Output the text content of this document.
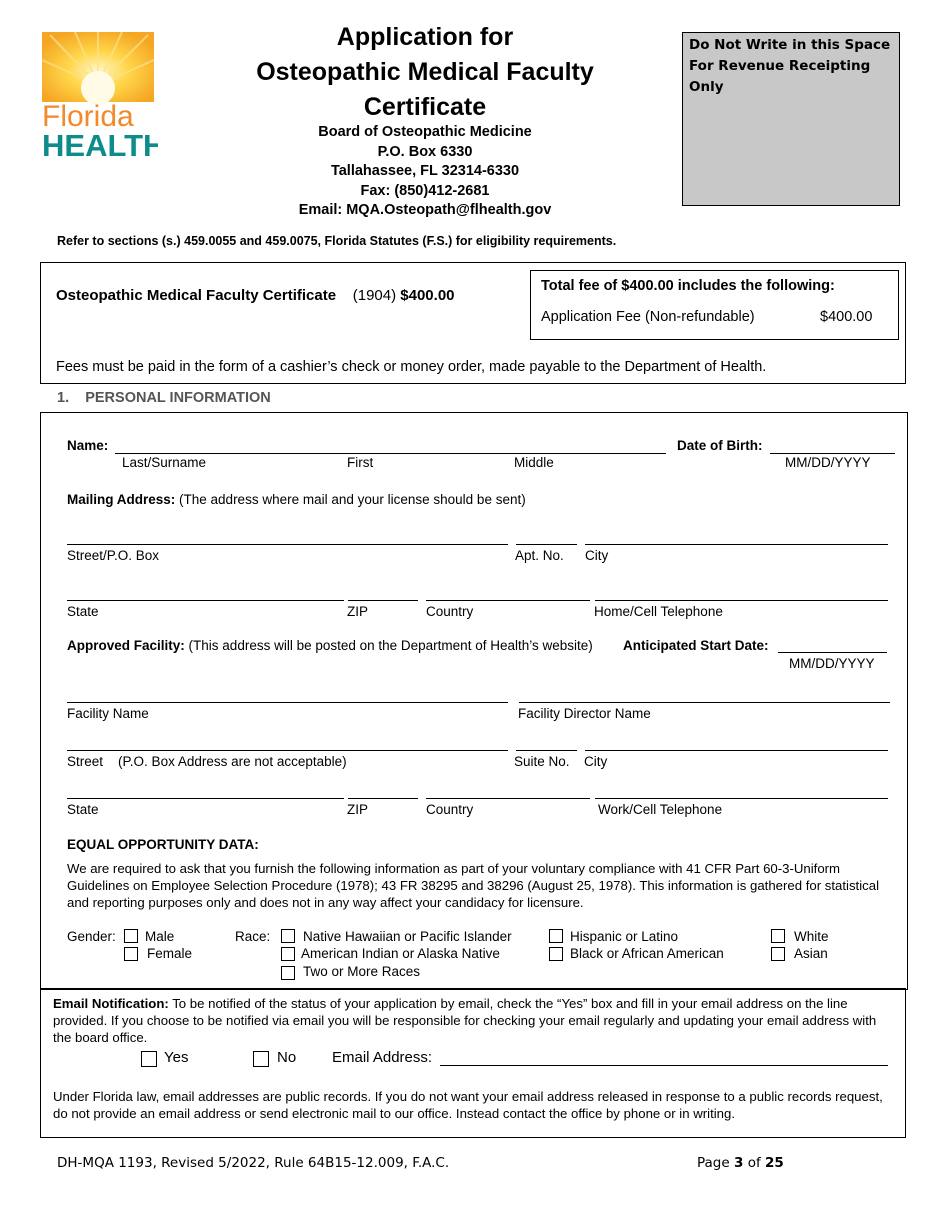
Florida
HEALTH
Application for
Osteopathic Medical Faculty
Certificate
Board of Osteopathic Medicine
P.O. Box 6330
Tallahassee, FL 32314-6330
Fax: (850)412-2681
Email: MQA.Osteopath@flhealth.gov
Do Not Write in this Space
For Revenue Receipting Only
Refer to sections (s.) 459.0055 and 459.0075, Florida Statutes (F.S.) for eligibility requirements.
Osteopathic Medical Faculty Certificate (1904) $400.00
Total fee of $400.00 includes the following:
Application Fee (Non-refundable)	$400.00
Fees must be paid in the form of a cashier’s check or money order, made payable to the Department of Health.
1. PERSONAL INFORMATION
Name:	Date of Birth:
Last/Surname	First	Middle	MM/DD/YYYY
Mailing Address: (The address where mail and your license should be sent)
Street/P.O. Box	Apt. No. City
State	ZIP	Country	Home/Cell Telephone
Approved Facility: (This address will be posted on the Department of Health’s website) Anticipated Start Date:
MM/DD/YYYY
Facility Name	Facility Director Name
Street (P.O. Box Address are not acceptable)	Suite No. City
State	ZIP	Country	Work/Cell Telephone
EQUAL OPPORTUNITY DATA:
We are required to ask that you furnish the following information as part of your voluntary compliance with 41 CFR Part 60-3-Uniform Guidelines on Employee Selection Procedure (1978); 43 FR 38295 and 38296 (August 25, 1978). This information is gathered for statistical and reporting purposes only and does not in any way affect your candidacy for licensure.
Gender: Male
Female
Race: Native Hawaiian or Pacific Islander
American Indian or Alaska Native
Two or More Races
Hispanic or Latino
Black or African American
White
Asian
Email Notification: To be notified of the status of your application by email, check the “Yes” box and fill in your email address on the line provided. If you choose to be notified via email you will be responsible for checking your email regularly and updating your email address with the board office.
Yes	No Email Address:
Under Florida law, email addresses are public records. If you do not want your email address released in response to a public records request, do not provide an email address or send electronic mail to our office. Instead contact the office by phone or in writing.
DH-MQA 1193, Revised 5/2022, Rule 64B15-12.009, F.A.C.	Page 3 of 25
